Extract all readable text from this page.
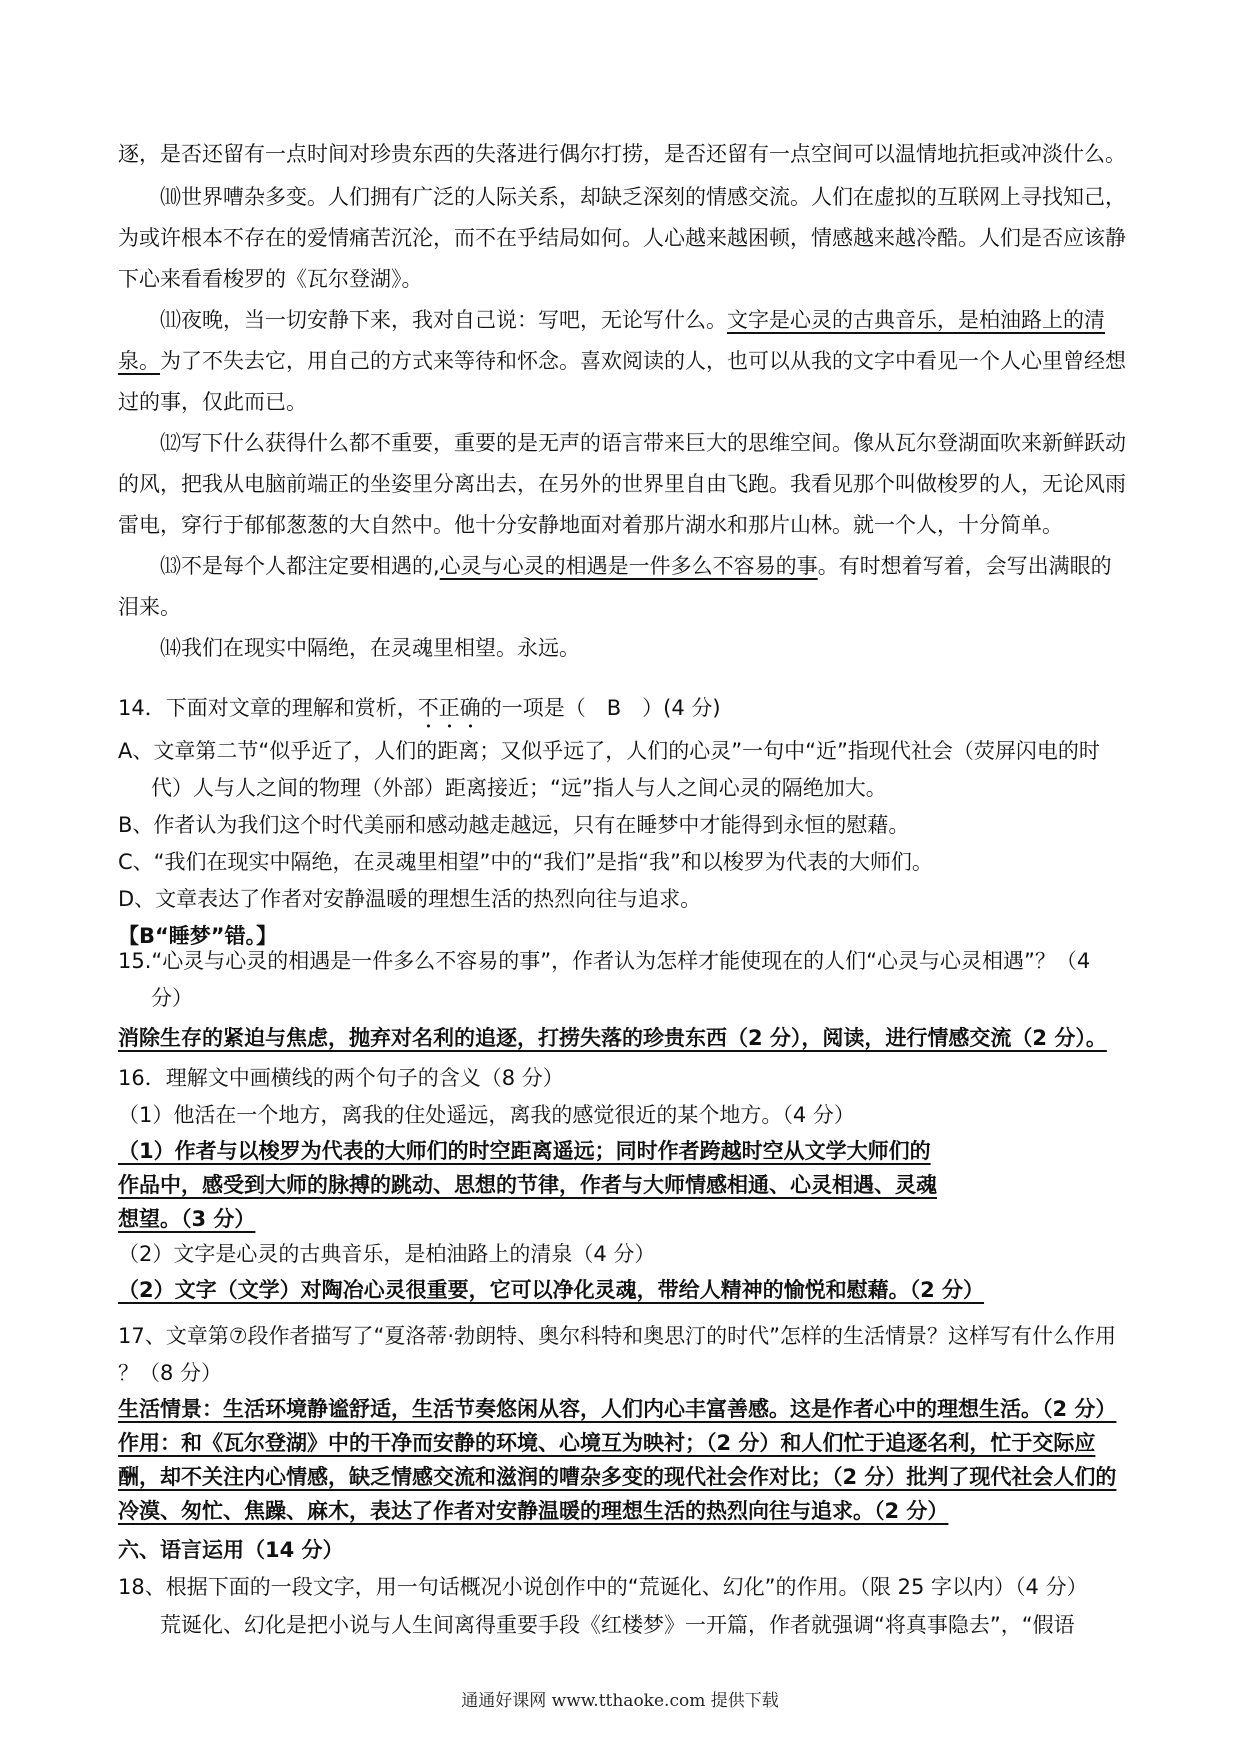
逐，是否还留有一点时间对珍贵东西的失落进行偶尔打捞，是否还留有一点空间可以温情地抗拒或冲淡什么。

⑽世界嘈杂多变。人们拥有广泛的人际关系，却缺乏深刻的情感交流。人们在虚拟的互联网上寻找知己，为或许根本不存在的爱情痛苦沉沦，而不在乎结局如何。人心越来越困顿，情感越来越冷酷。人们是否应该静下心来看看梭罗的《瓦尔登湖》。

⑾夜晚，当一切安静下来，我对自己说：写吧，无论写什么。文字是心灵的古典音乐，是柏油路上的清泉。为了不失去它，用自己的方式来等待和怀念。喜欢阅读的人，也可以从我的文字中看见一个人心里曾经想过的事，仅此而已。

⑿写下什么获得什么都不重要，重要的是无声的语言带来巨大的思维空间。像从瓦尔登湖面吹来新鲜跃动的风，把我从电脑前端正的坐姿里分离出去，在另外的世界里自由飞跑。我看见那个叫做梭罗的人，无论风雨雷电，穿行于郁郁葱葱的大自然中。他十分安静地面对着那片湖水和那片山林。就一个人，十分简单。

⒀不是每个人都注定要相遇的,心灵与心灵的相遇是一件多么不容易的事。有时想着写着，会写出满眼的泪来。

⒁我们在现实中隔绝，在灵魂里相望。永远。

14．下面对文章的理解和赏析，不正确的一项是（　B　）(4 分)

A、文章第二节“似乎近了，人们的距离；又似乎远了，人们的心灵”一句中“近”指现代社会（荧屏闪电的时代）人与人之间的物理（外部）距离接近；“远”指人与人之间心灵的隔绝加大。

B、作者认为我们这个时代美丽和感动越走越远，只有在睡梦中才能得到永恒的慰藉。

C、“我们在现实中隔绝，在灵魂里相望”中的“我们”是指“我”和以梭罗为代表的大师们。

D、文章表达了作者对安静温暖的理想生活的热烈向往与追求。

【B“睡梦”错。】

15.“心灵与心灵的相遇是一件多么不容易的事”，作者认为怎样才能使现在的人们“心灵与心灵相遇”？（4 分）

消除生存的紧迫与焦虑，抛弃对名利的追逐，打捞失落的珍贵东西（2 分），阅读，进行情感交流（2 分）。

16．理解文中画横线的两个句子的含义（8 分）

（1）他活在一个地方，离我的住处遥远，离我的感觉很近的某个地方。（4 分）

（1）作者与以梭罗为代表的大师们的时空距离遥远；同时作者跨越时空从文学大师们的

作品中，感受到大师的脉搏的跳动、思想的节律，作者与大师情感相通、心灵相遇、灵魂

想望。（3 分）

（2）文字是心灵的古典音乐，是柏油路上的清泉（4 分）

（2）文字（文学）对陶冶心灵很重要，它可以净化灵魂，带给人精神的愉悦和慰藉。（2 分）

17、文章第⑦段作者描写了“夏洛蒂·勃朗特、奥尔科特和奥思汀的时代”怎样的生活情景？这样写有什么作用 ？（8 分）

生活情景：生活环境静谧舒适，生活节奏悠闲从容，人们内心丰富善感。这是作者心中的理想生活。（2 分）

作用：和《瓦尔登湖》中的干净而安静的环境、心境互为映衬；（2 分）和人们忙于追逐名利，忙于交际应酬，却不关注内心情感，缺乏情感交流和滋润的嘈杂多变的现代社会作对比；（2 分）批判了现代社会人们的冷漠、匆忙、焦躁、麻木，表达了作者对安静温暖的理想生活的热烈向往与追求。（2 分）

六、语言运用（14 分）

18、根据下面的一段文字，用一句话概况小说创作中的“荒诞化、幻化”的作用。（限 25 字以内）（4 分）

荒诞化、幻化是把小说与人生间离得重要手段《红楼梦》一开篇，作者就强调“将真事隐去”，“假语

通通好课网 www.tthaoke.com 提供下载
